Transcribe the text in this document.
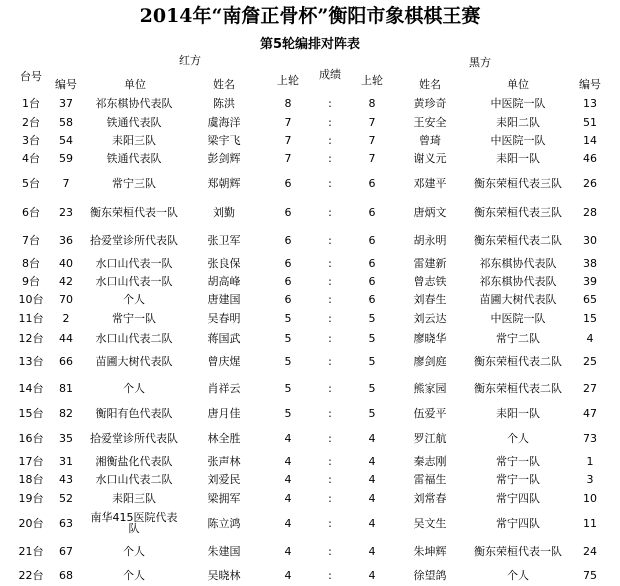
2014年“南詹正骨杯”衡阳市象棋棋王赛
第5轮编排对阵表
红方	黑方
台号
编号	单位	姓名	上轮	成绩	上轮	姓名	单位	编号
1台 37 祁东棋协代表队	陈洪	8	:	8	黄珍奇	中医院一队	13
2台 58	铁通代表队	虞海洋	7	:	7	王安全	耒阳二队	51
3台 54	耒阳三队	梁宇飞	7	:	7	曾琦	中医院一队	14
4台 59	铁通代表队	彭剑辉	7	:	7	谢义元	耒阳一队	46
5台 7	常宁三队	郑朝辉	6	:	6	邓建平	衡东荣桓代表三队 26
6台 23 衡东荣桓代表一队	刘勤	6	:	6	唐炳文	衡东荣桓代表三队 28
7台 36 拾爱堂诊所代表队	张卫军	6	:	6	胡永明	衡东荣桓代表二队 30
8台 40 水口山代表一队	张良保	6	:	6	雷建新	祁东棋协代表队 38
9台 42 水口山代表一队	胡高峰	6	:	6	曾志铁	祁东棋协代表队 39
10台 70	个人	唐建国	6	:	6	刘春生	苗圃大树代表队 65
11台 2	常宁一队	吴春明	5	:	5	刘云达	中医院一队	15
12台 44 水口山代表二队	蒋国武	5	:	5	廖晓华	常宁二队	4
13台 66 苗圃大树代表队	曾庆煋	5	:	5	廖剑庭	衡东荣桓代表二队 25
14台 81	个人	肖祥云	5	:	5	熊家园	衡东荣桓代表二队 27
15台 82 衡阳有色代表队	唐月佳	5	:	5	伍爱平	耒阳一队	47
16台 35 拾爱堂诊所代表队	林全胜	4	:	4	罗江航	个人	73
17台 31 湘衡盐化代表队	张声林	4	:	4	秦志刚	常宁一队	1
18台 43 水口山代表二队	刘爱民	4	:	4	雷福生	常宁一队	3
19台 52	耒阳三队	梁拥军	4	:	4	刘常春	常宁四队	10
20台 63	南华415医院代表队	陈立鸿	4	:	4	吴文生	常宁四队	11
21台 67	个人	朱建国	4	:	4	朱坤辉	衡东荣桓代表一队 24
22台 68	个人	吴晓林	4	:	4	徐望鸽	个人	75
